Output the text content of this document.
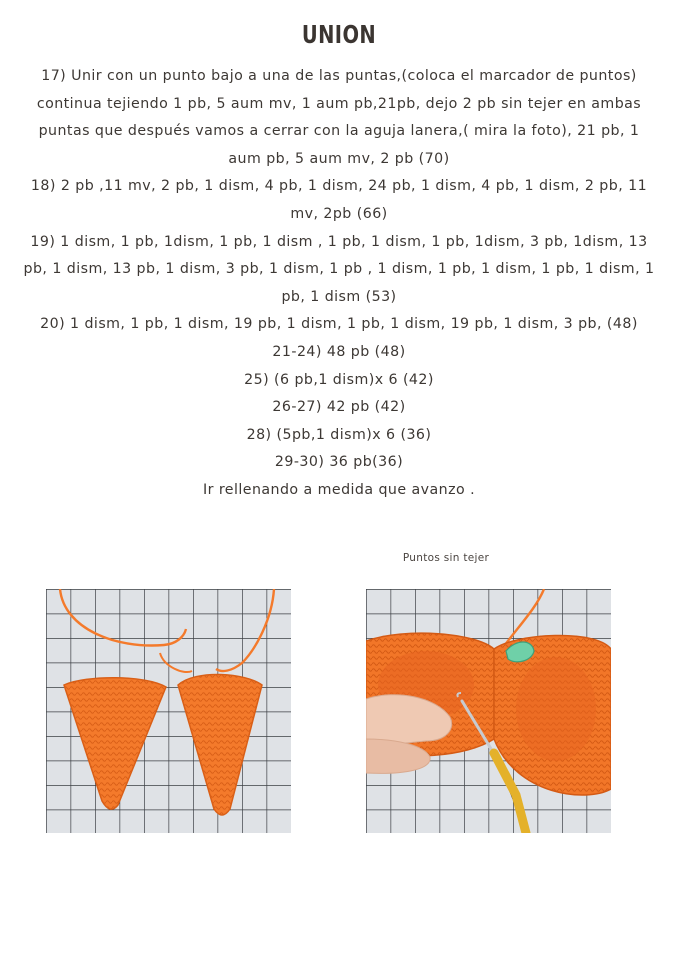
UNION

17) Unir con un punto bajo a una de las puntas,(coloca el marcador de puntos) continua tejiendo 1 pb, 5 aum mv, 1 aum pb,21pb, dejo 2 pb sin tejer en ambas puntas que después vamos a cerrar con la aguja lanera,( mira la foto), 21 pb, 1 aum pb, 5 aum mv, 2 pb (70)

18) 2 pb ,11 mv, 2 pb, 1 dism, 4 pb, 1 dism, 24 pb, 1 dism, 4 pb, 1 dism, 2 pb, 11 mv, 2pb (66)

19) 1 dism, 1 pb, 1dism, 1 pb, 1 dism , 1 pb, 1 dism, 1 pb, 1dism, 3 pb, 1dism, 13 pb, 1 dism, 13 pb, 1 dism, 3 pb, 1 dism, 1 pb , 1 dism, 1 pb, 1 dism, 1 pb, 1 dism, 1 pb, 1 dism (53)

20) 1 dism, 1 pb, 1 dism, 19 pb, 1 dism, 1 pb, 1 dism, 19 pb, 1 dism, 3 pb, (48)

21-24) 48 pb (48)

25) (6 pb,1 dism)x 6 (42)

26-27) 42 pb (42)

28) (5pb,1 dism)x 6 (36)

29-30) 36 pb(36)

Ir rellenando a medida que avanzo .

Puntos sin tejer
